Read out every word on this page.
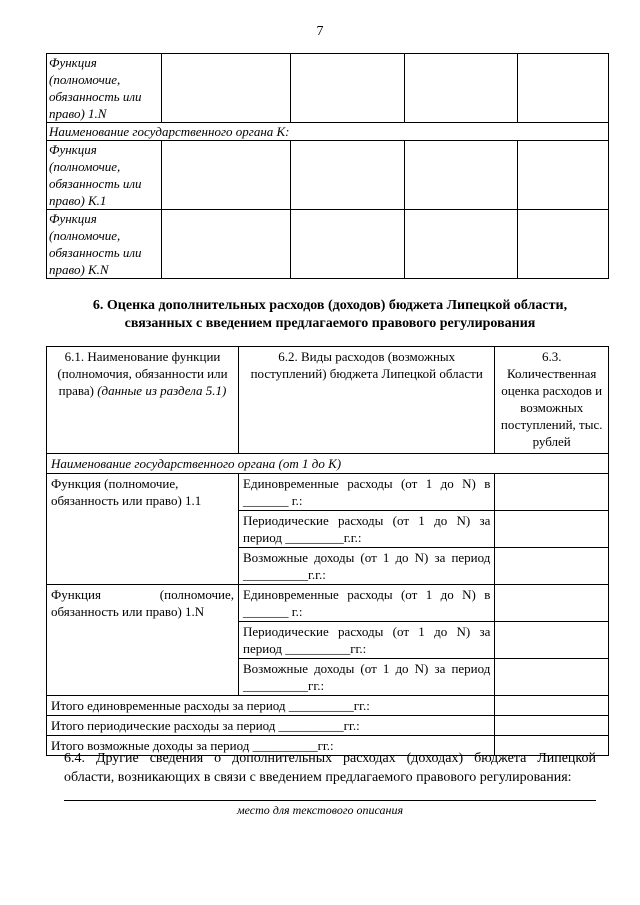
7
Функция
(полномочие,
обязанность или
право) 1.N				

Наименование государственного органа К:				

Функция
(полномочие,
обязанность или
право) К.1				

Функция
(полномочие,
обязанность или
право) К.N				

6. Оценка дополнительных расходов (доходов) бюджета Липецкой области,
связанных с введением предлагаемого правового регулирования
6.1. Наименование функции (полномочия, обязанности или права) (данные из раздела 5.1)	6.2. Виды расходов (возможных поступлений) бюджета Липецкой области	6.3. Количественная оценка расходов и возможных поступлений, тыс. рублей
Наименование государственного органа (от 1 до К)		
Функция (полномочие, обязанность или право) 1.1	Единовременные расходы (от 1 до N) в _______ г.:	
	Периодические расходы (от 1 до N) за период _________г.г.:	
	Возможные доходы (от 1 до N) за период __________г.г.:	
Функция (полномочие, обязанность или право) 1.N	Единовременные расходы (от 1 до N) в _______ г.:	
	Периодические расходы (от 1 до N) за период __________гг.:	
	Возможные доходы (от 1 до N) за период __________гг.:	
Итого единовременные расходы за период __________гг.:		
Итого периодические расходы за период __________гг.:		
Итого возможные доходы за период __________гг.:		
6.4. Другие сведения о дополнительных расходах (доходах) бюджета Липецкой
области, возникающих в связи с введением предлагаемого правового регулирования:
место для текстового описания
